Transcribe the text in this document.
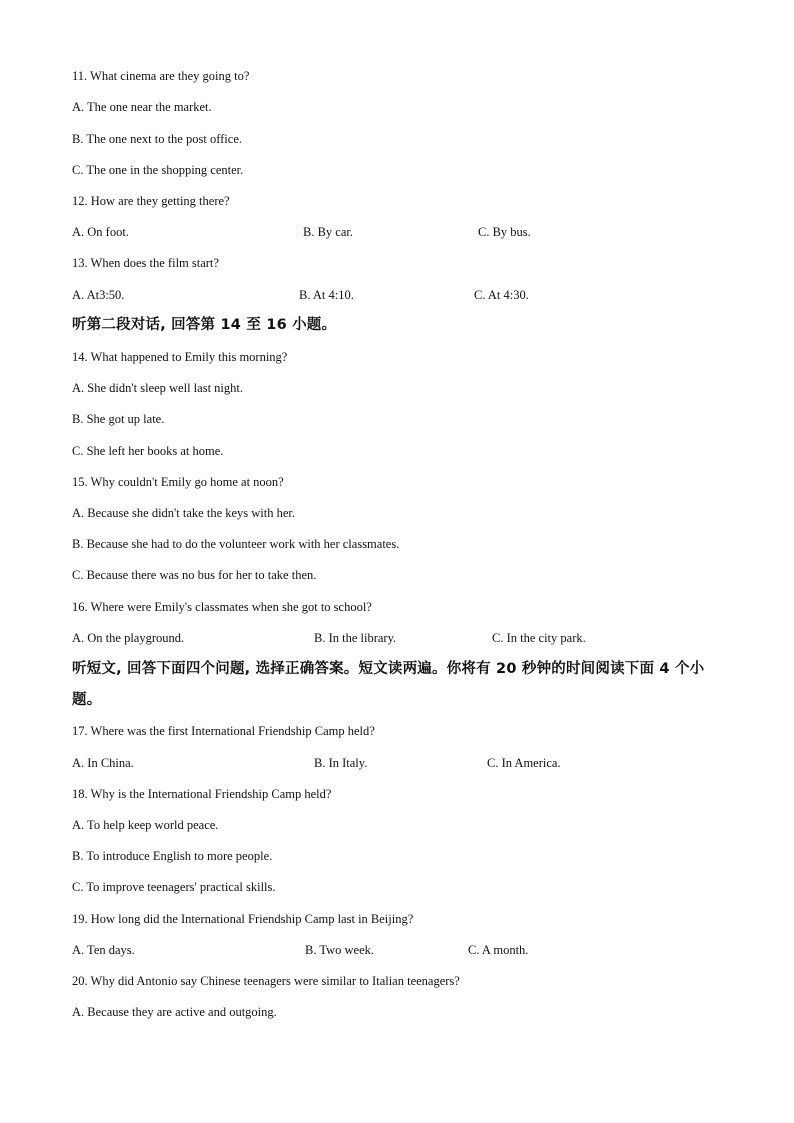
11. What cinema are they going to?
A. The one near the market.
B. The one next to the post office.
C. The one in the shopping center.
12. How are they getting there?
A. On foot.	B. By car.	C. By bus.
13. When does the film start?
A. At3:50.	B. At 4:10.	C. At 4:30.
听第二段对话, 回答第 14 至 16 小题。
14. What happened to Emily this morning?
A. She didn't sleep well last night.
B. She got up late.
C. She left her books at home.
15. Why couldn't Emily go home at noon?
A. Because she didn't take the keys with her.
B. Because she had to do the volunteer work with her classmates.
C. Because there was no bus for her to take then.
16. Where were Emily's classmates when she got to school?
A. On the playground.	B. In the library.	C. In the city park.
听短文, 回答下面四个问题, 选择正确答案。短文读两遍。你将有 20 秒钟的时间阅读下面 4 个小题。
17. Where was the first International Friendship Camp held?
A. In China.	B. In Italy.	C. In America.
18. Why is the International Friendship Camp held?
A. To help keep world peace.
B. To introduce English to more people.
C. To improve teenagers' practical skills.
19. How long did the International Friendship Camp last in Beijing?
A. Ten days.	B. Two week.	C. A month.
20. Why did Antonio say Chinese teenagers were similar to Italian teenagers?
A. Because they are active and outgoing.
